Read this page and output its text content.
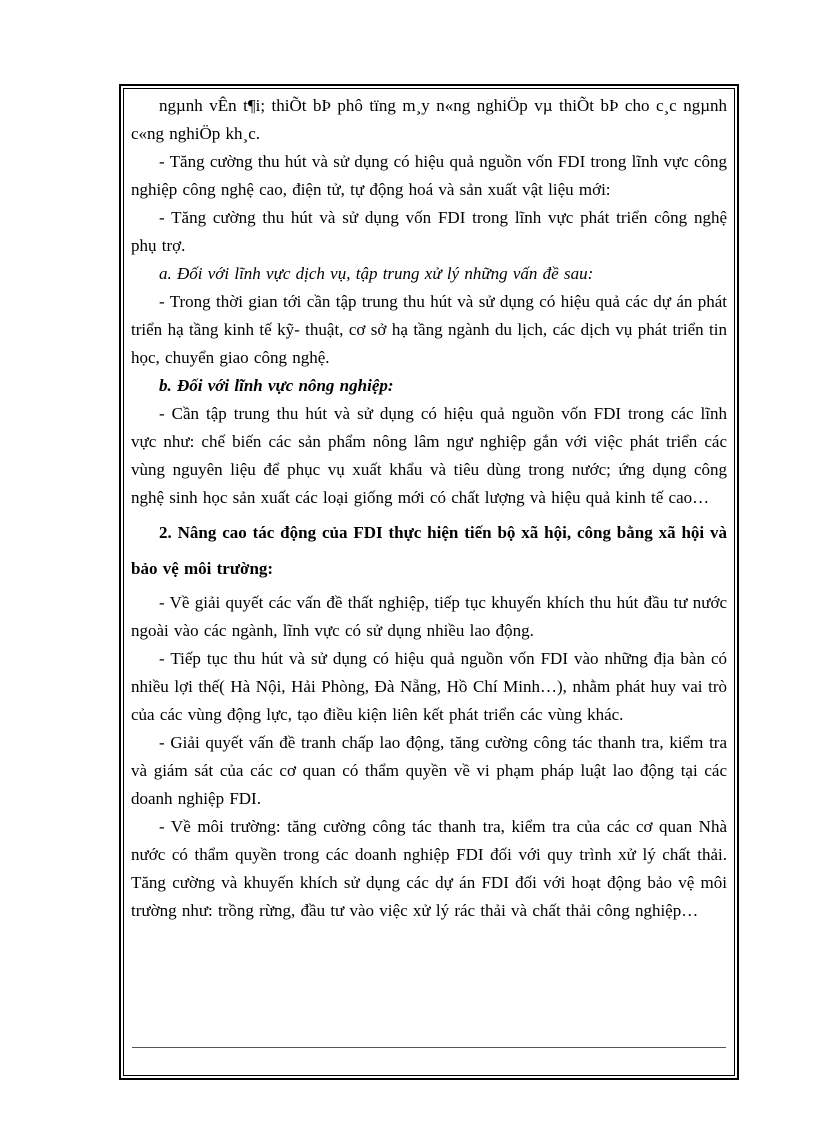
ngµnh vÊn t¶i; thiÕt bÞ phô tïng m¸y n«ng nghiÖp vµ thiÕt bÞ cho c¸c ngµnh c«ng nghiÖp kh¸c.

- Tăng cường thu hút và sử dụng có hiệu quả nguồn vốn FDI trong lĩnh vực công nghiệp công nghệ cao, điện tử, tự động hoá và sản xuất vật liệu mới:

- Tăng cường thu hút và sử dụng vốn FDI trong lĩnh vực phát triển công nghệ phụ trợ.

a. Đối với lĩnh vực dịch vụ, tập trung xử lý những vấn đề sau:

- Trong thời gian tới cần tập trung thu hút và sử dụng có hiệu quả các dự án phát triển hạ tầng kinh tế kỹ- thuật, cơ sở hạ tầng ngành du lịch, các dịch vụ phát triển tin học, chuyển giao công nghệ.

b. Đối với lĩnh vực nông nghiệp:

- Cần tập trung thu hút và sử dụng có hiệu quả nguồn vốn FDI trong các lĩnh vực như: chế biến các sản phẩm nông lâm ngư nghiệp gắn với việc phát triển các vùng nguyên liệu để phục vụ xuất khẩu và tiêu dùng trong nước; ứng dụng công nghệ sinh học sản xuất các loại giống mới có chất lượng và hiệu quả kinh tế cao…

2. Nâng cao tác động của FDI thực hiện tiến bộ xã hội, công bằng xã hội và bảo vệ môi trường:

- Về giải quyết các vấn đề thất nghiệp, tiếp tục khuyến khích thu hút đầu tư nước ngoài vào các ngành, lĩnh vực có sử dụng nhiều lao động.

- Tiếp tục thu hút và sử dụng có hiệu quả nguồn vốn FDI vào những địa bàn có nhiều lợi thế( Hà Nội, Hải Phòng, Đà Nẵng, Hồ Chí Minh…), nhằm phát huy vai trò của các vùng động lực, tạo điều kiện liên kết phát triển các vùng khác.

- Giải quyết vấn đề tranh chấp lao động, tăng cường công tác thanh tra, kiểm tra và giám sát của các cơ quan có thẩm quyền về vi phạm pháp luật lao động tại các doanh nghiệp FDI.

- Về môi trường: tăng cường công tác thanh tra, kiểm tra của các cơ quan Nhà nước có thẩm quyền trong các doanh nghiệp FDI đối với quy trình xử lý chất thải. Tăng cường và khuyến khích sử dụng các dự án FDI đối với hoạt động bảo vệ môi trường như: trồng rừng, đầu tư vào việc xử lý rác thải và chất thải công nghiệp…
